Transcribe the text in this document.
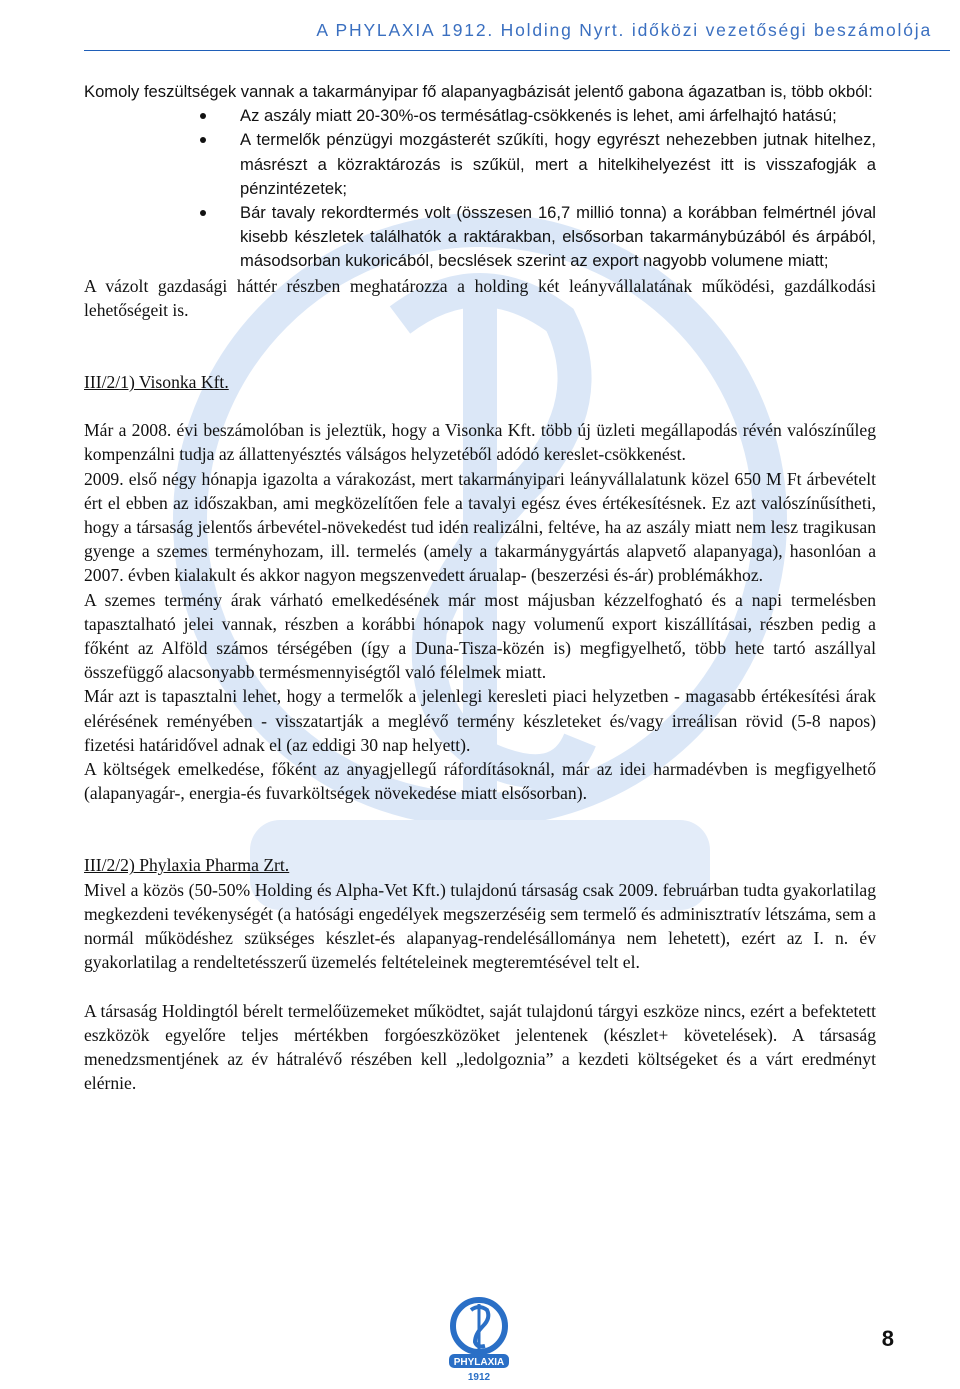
A PHYLAXIA 1912. Holding Nyrt. időközi vezetőségi beszámolója

Komoly feszültségek vannak a takarmányipar fő alapanyagbázisát jelentő gabona ágazatban is, több okból:

Az aszály miatt 20-30%-os termésátlag-csökkenés is lehet, ami árfelhajtó hatású;
A termelők pénzügyi mozgásterét szűkíti, hogy egyrészt nehezebben jutnak hitelhez, másrészt a közraktározás is szűkül, mert a hitelkihelyezést itt is visszafogják a pénzintézetek;
Bár tavaly rekordtermés volt (összesen 16,7 millió tonna) a korábban felmértnél jóval kisebb készletek találhatók a raktárakban, elsősorban takarmánybúzából és árpából, másodsorban kukoricából, becslések szerint az export nagyobb volumene miatt;

A vázolt gazdasági háttér részben meghatározza a holding két leányvállalatának működési, gazdálkodási lehetőségeit is.

III/2/1) Visonka Kft.

Már a 2008. évi beszámolóban is jeleztük, hogy a Visonka Kft. több új üzleti megállapodás révén valószínűleg kompenzálni tudja az állattenyésztés válságos helyzetéből adódó kereslet-csökkenést.

2009. első négy hónapja igazolta a várakozást, mert takarmányipari leányvállalatunk közel 650 M Ft árbevételt ért el ebben az időszakban, ami megközelítően fele a tavalyi egész éves értékesítésnek. Ez azt valószínűsítheti, hogy a társaság jelentős árbevétel-növekedést tud idén realizálni, feltéve, ha az aszály miatt nem lesz tragikusan gyenge a szemes terményhozam, ill. termelés (amely a takarmánygyártás alapvető alapanyaga), hasonlóan a 2007. évben kialakult és akkor nagyon megszenvedett árualap- (beszerzési és-ár) problémákhoz.

A szemes termény árak várható emelkedésének már most májusban kézzelfogható és a napi termelésben tapasztalható jelei vannak, részben a korábbi hónapok nagy volumenű export kiszállításai, részben pedig a főként az Alföld számos térségében (így a Duna-Tisza-közén is) megfigyelhető, több hete tartó aszállyal összefüggő alacsonyabb termésmennyiségtől való félelmek miatt.

Már azt is tapasztalni lehet, hogy a termelők a jelenlegi keresleti piaci helyzetben - magasabb értékesítési árak elérésének reményében - visszatartják a meglévő termény készleteket és/vagy irreálisan rövid (5-8 napos) fizetési határidővel adnak el (az eddigi 30 nap helyett).

A költségek emelkedése, főként az anyagjellegű ráfordításoknál, már az idei harmadévben is megfigyelhető (alapanyagár-, energia-és fuvarköltségek növekedése miatt elsősorban).

III/2/2) Phylaxia Pharma Zrt.

Mivel a közös (50-50% Holding és Alpha-Vet Kft.) tulajdonú társaság csak 2009. februárban tudta gyakorlatilag megkezdeni tevékenységét (a hatósági engedélyek megszerzéséig sem termelő és adminisztratív létszáma, sem a normál működéshez szükséges készlet-és alapanyag-rendelésállománya nem lehetett), ezért az I. n. év gyakorlatilag a rendeltetésszerű üzemelés feltételeinek megteremtésével telt el.

A társaság Holdingtól bérelt termelőüzemeket működtet, saját tulajdonú tárgyi eszköze nincs, ezért a befektetett eszközök egyelőre teljes mértékben forgóeszközöket jelentenek (készlet+ követelések). A társaság menedzsmentjének az év hátralévő részében kell „ledolgoznia” a kezdeti költségeket és a várt eredményt elérnie.

PHYLAXIA
1912
8
